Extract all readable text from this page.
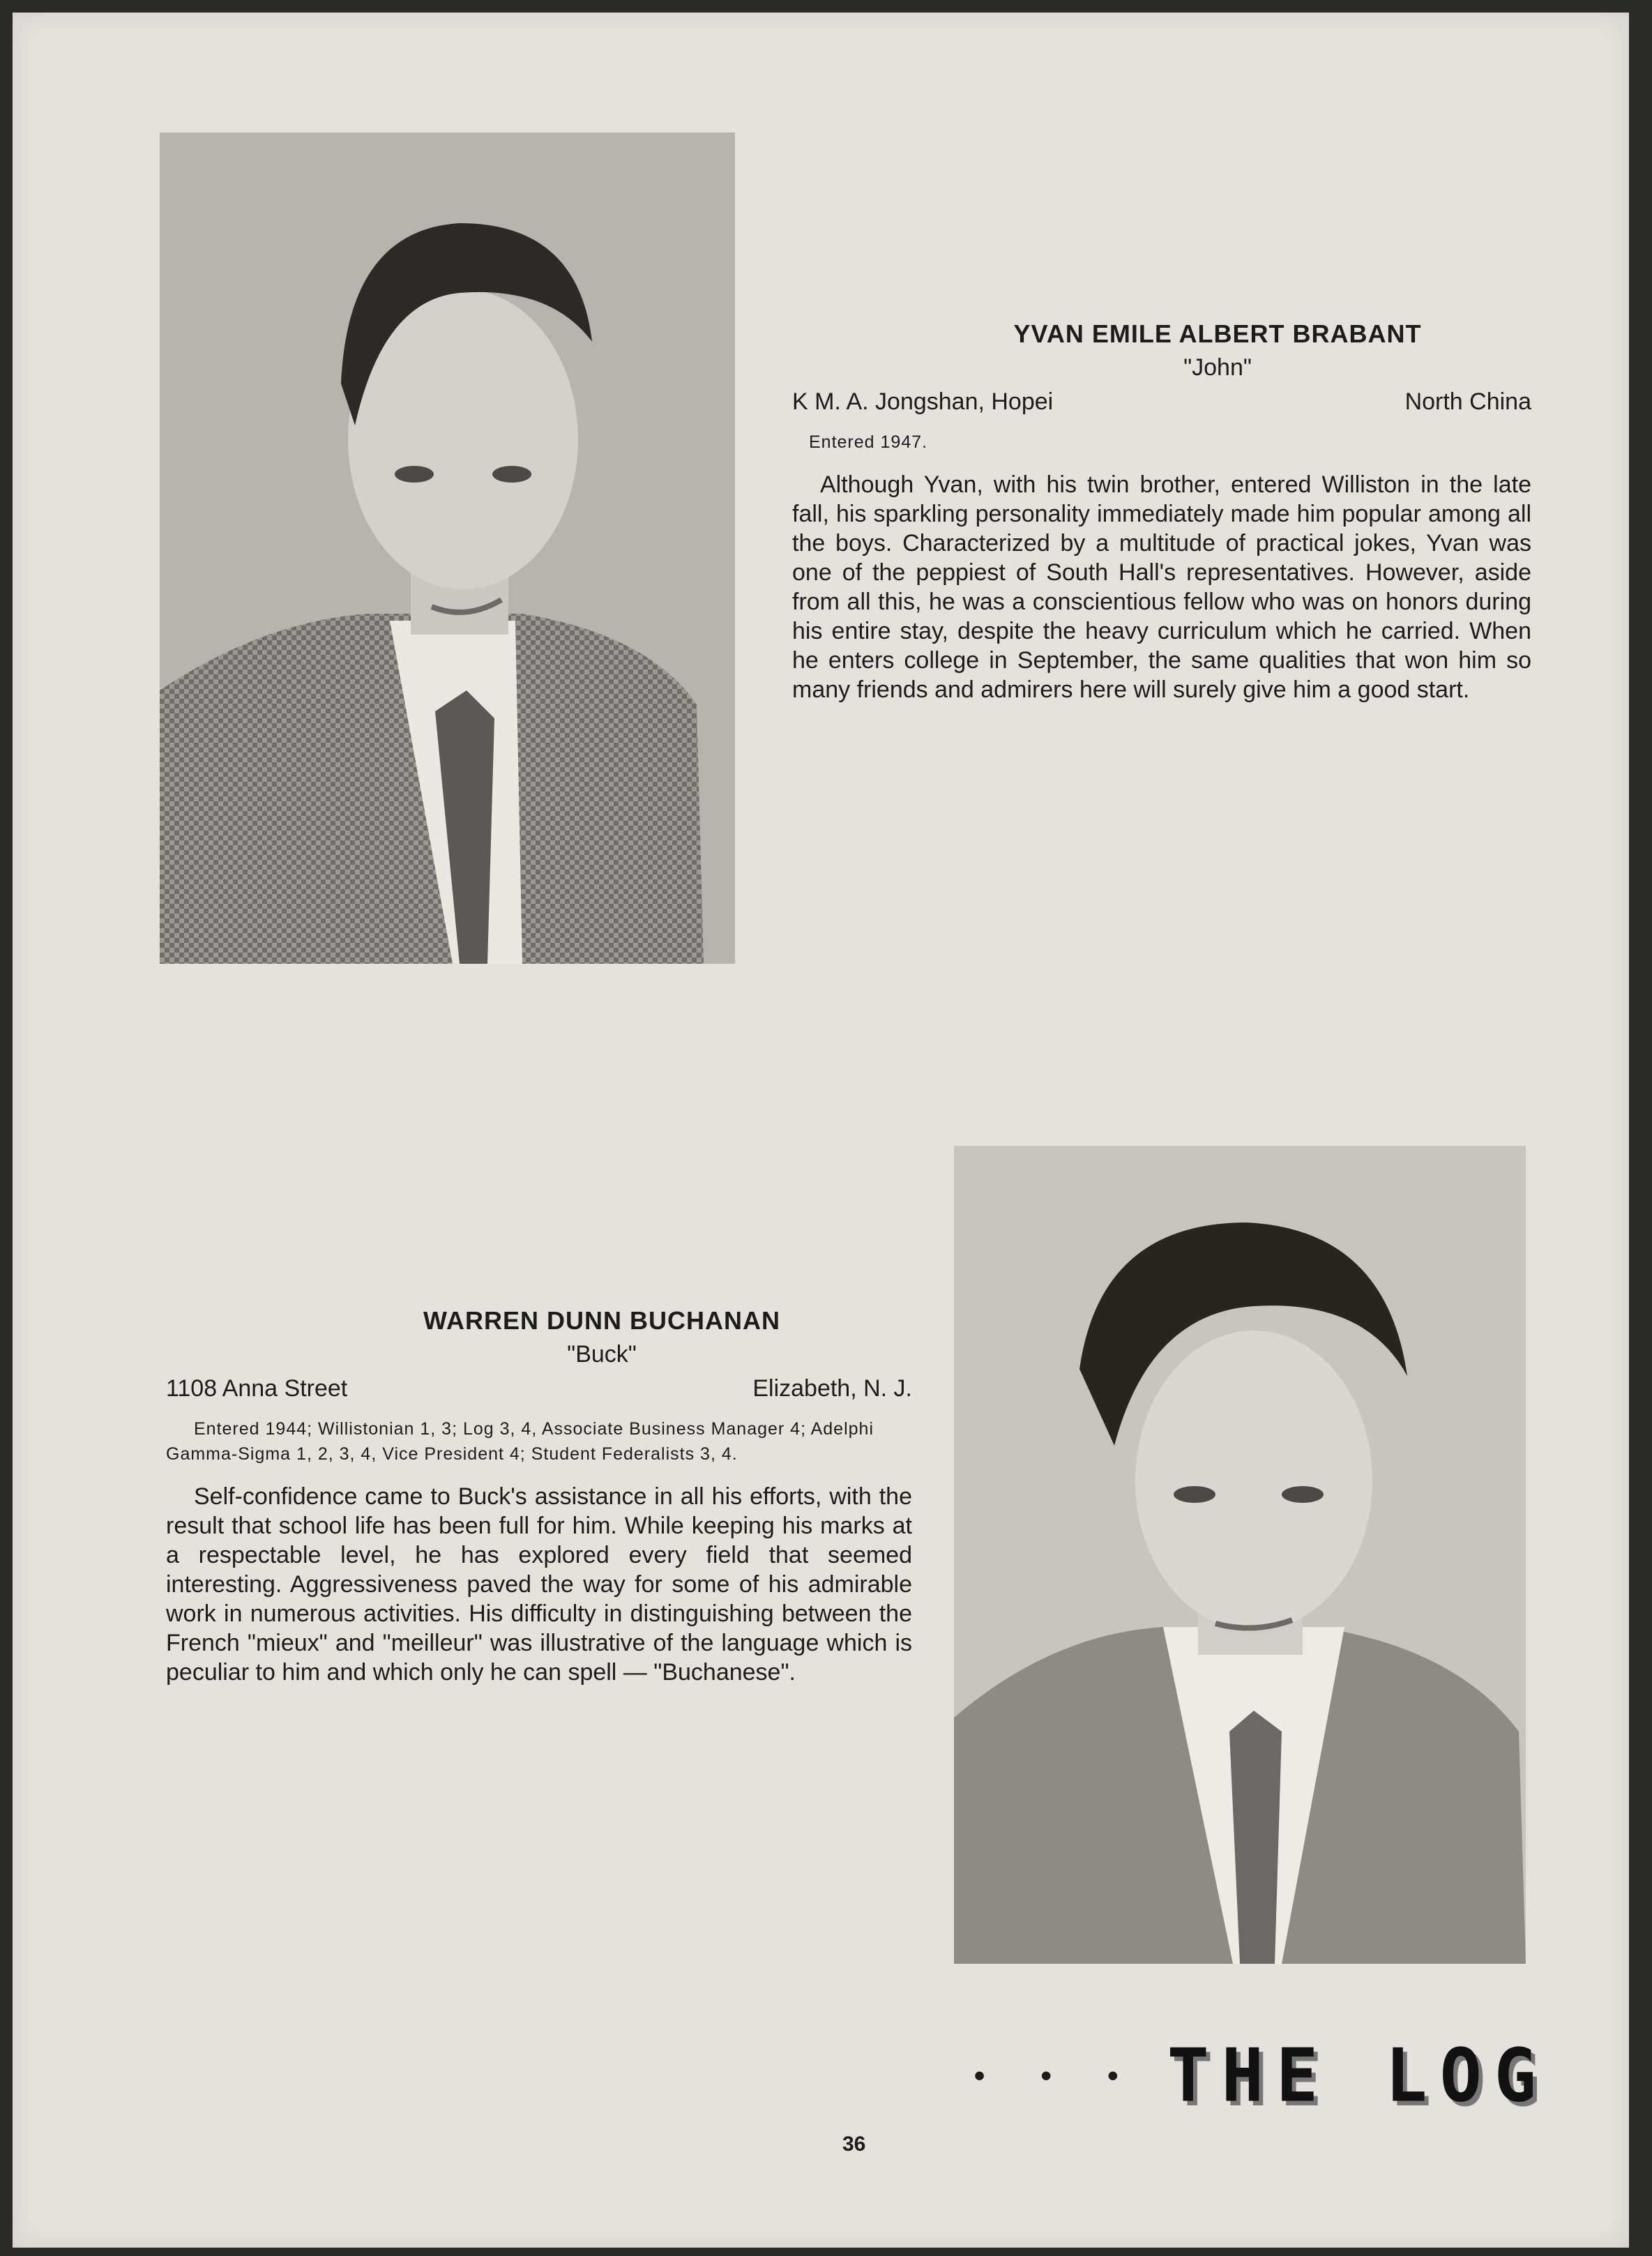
YVAN EMILE ALBERT BRABANT

"John"

K M. A. Jongshan, Hopei	North China

Entered 1947.

Although Yvan, with his twin brother, entered Williston in the late fall, his sparkling personality immediately made him popular among all the boys. Characterized by a multitude of practical jokes, Yvan was one of the peppiest of South Hall's representatives. However, aside from all this, he was a conscientious fellow who was on honors during his entire stay, despite the heavy curriculum which he carried. When he enters college in September, the same qualities that won him so many friends and admirers here will surely give him a good start.

WARREN DUNN BUCHANAN

"Buck"

1108 Anna Street	Elizabeth, N. J.

Entered 1944; Willistonian 1, 3; Log 3, 4, Associate Business Manager 4; Adelphi Gamma-Sigma 1, 2, 3, 4, Vice President 4; Student Federalists 3, 4.

Self-confidence came to Buck's assistance in all his efforts, with the result that school life has been full for him. While keeping his marks at a respectable level, he has explored every field that seemed interesting. Aggressiveness paved the way for some of his admirable work in numerous activities. His difficulty in distinguishing between the French "mieux" and "meilleur" was illustrative of the language which is peculiar to him and which only he can spell — "Buchanese".

• • • THE LOG
36
